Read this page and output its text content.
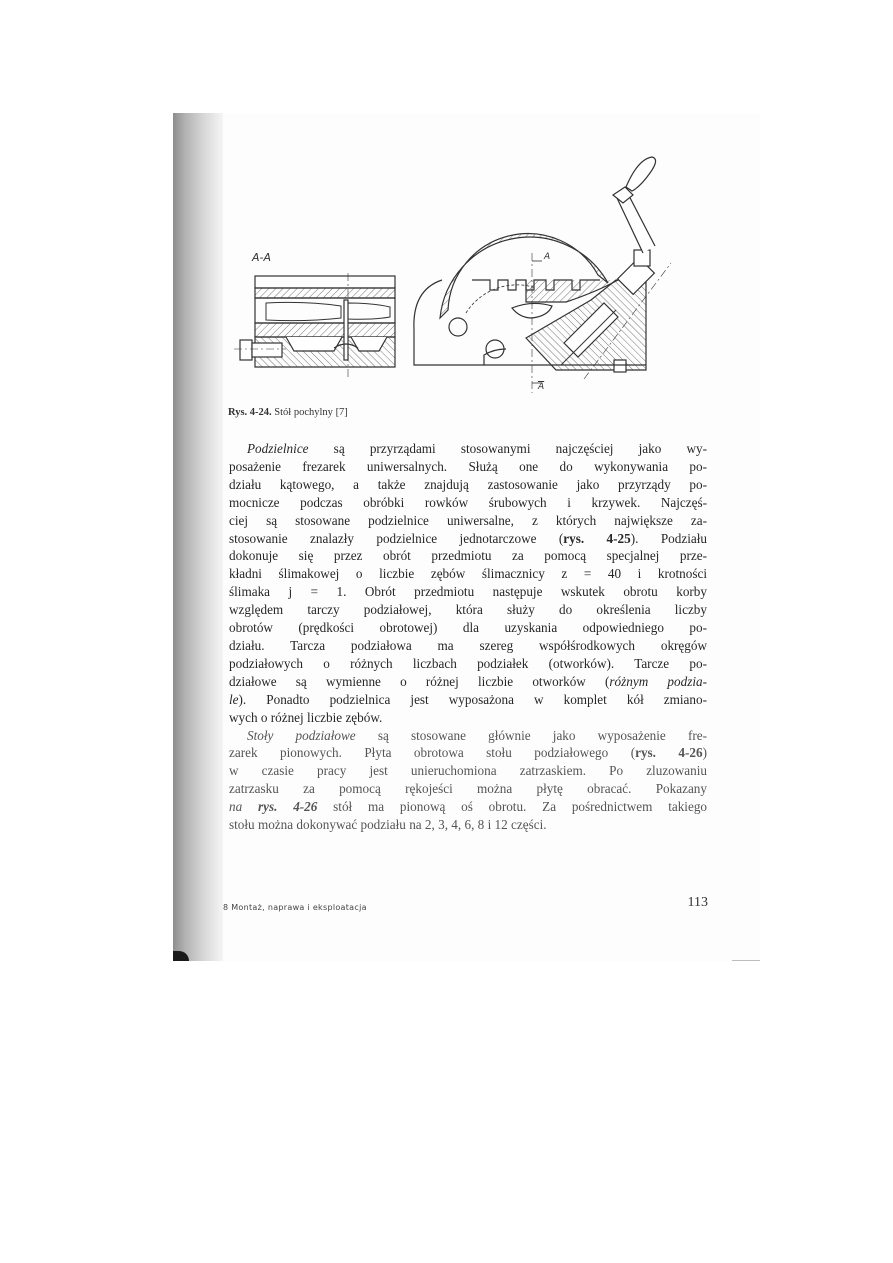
A-A	A
$\overline{A}$
Rys. 4-24. Stół pochylny [7]
Podzielnice są przyrządami stosowanymi najczęściej jako wy-
posażenie frezarek uniwersalnych. Służą one do wykonywania po-
działu kątowego, a także znajdują zastosowanie jako przyrządy po-
mocnicze podczas obróbki rowków śrubowych i krzywek. Najczęś-
ciej są stosowane podzielnice uniwersalne, z których największe za-
stosowanie znalazły podzielnice jednotarczowe (rys. 4-25). Podziału
dokonuje się przez obrót przedmiotu za pomocą specjalnej prze-
kładni ślimakowej o liczbie zębów ślimacznicy z = 40 i krotności
ślimaka j = 1. Obrót przedmiotu następuje wskutek obrotu korby
względem tarczy podziałowej, która służy do określenia liczby
obrotów (prędkości obrotowej) dla uzyskania odpowiedniego po-
działu. Tarcza podziałowa ma szereg współśrodkowych okręgów
podziałowych o różnych liczbach podziałek (otworków). Tarcze po-
działowe są wymienne o różnej liczbie otworków (różnym podzia-
le). Ponadto podzielnica jest wyposażona w komplet kół zmiano-
wych o różnej liczbie zębów.
Stoły podziałowe są stosowane głównie jako wyposażenie fre-
zarek pionowych. Płyta obrotowa stołu podziałowego (rys. 4-26)
w czasie pracy jest unieruchomiona zatrzaskiem. Po zluzowaniu
zatrzasku za pomocą rękojeści można płytę obracać. Pokazany
na rys. 4-26 stół ma pionową oś obrotu. Za pośrednictwem takiego
stołu można dokonywać podziału na 2, 3, 4, 6, 8 i 12 części.
8 Montaż, naprawa i eksploatacja	113
